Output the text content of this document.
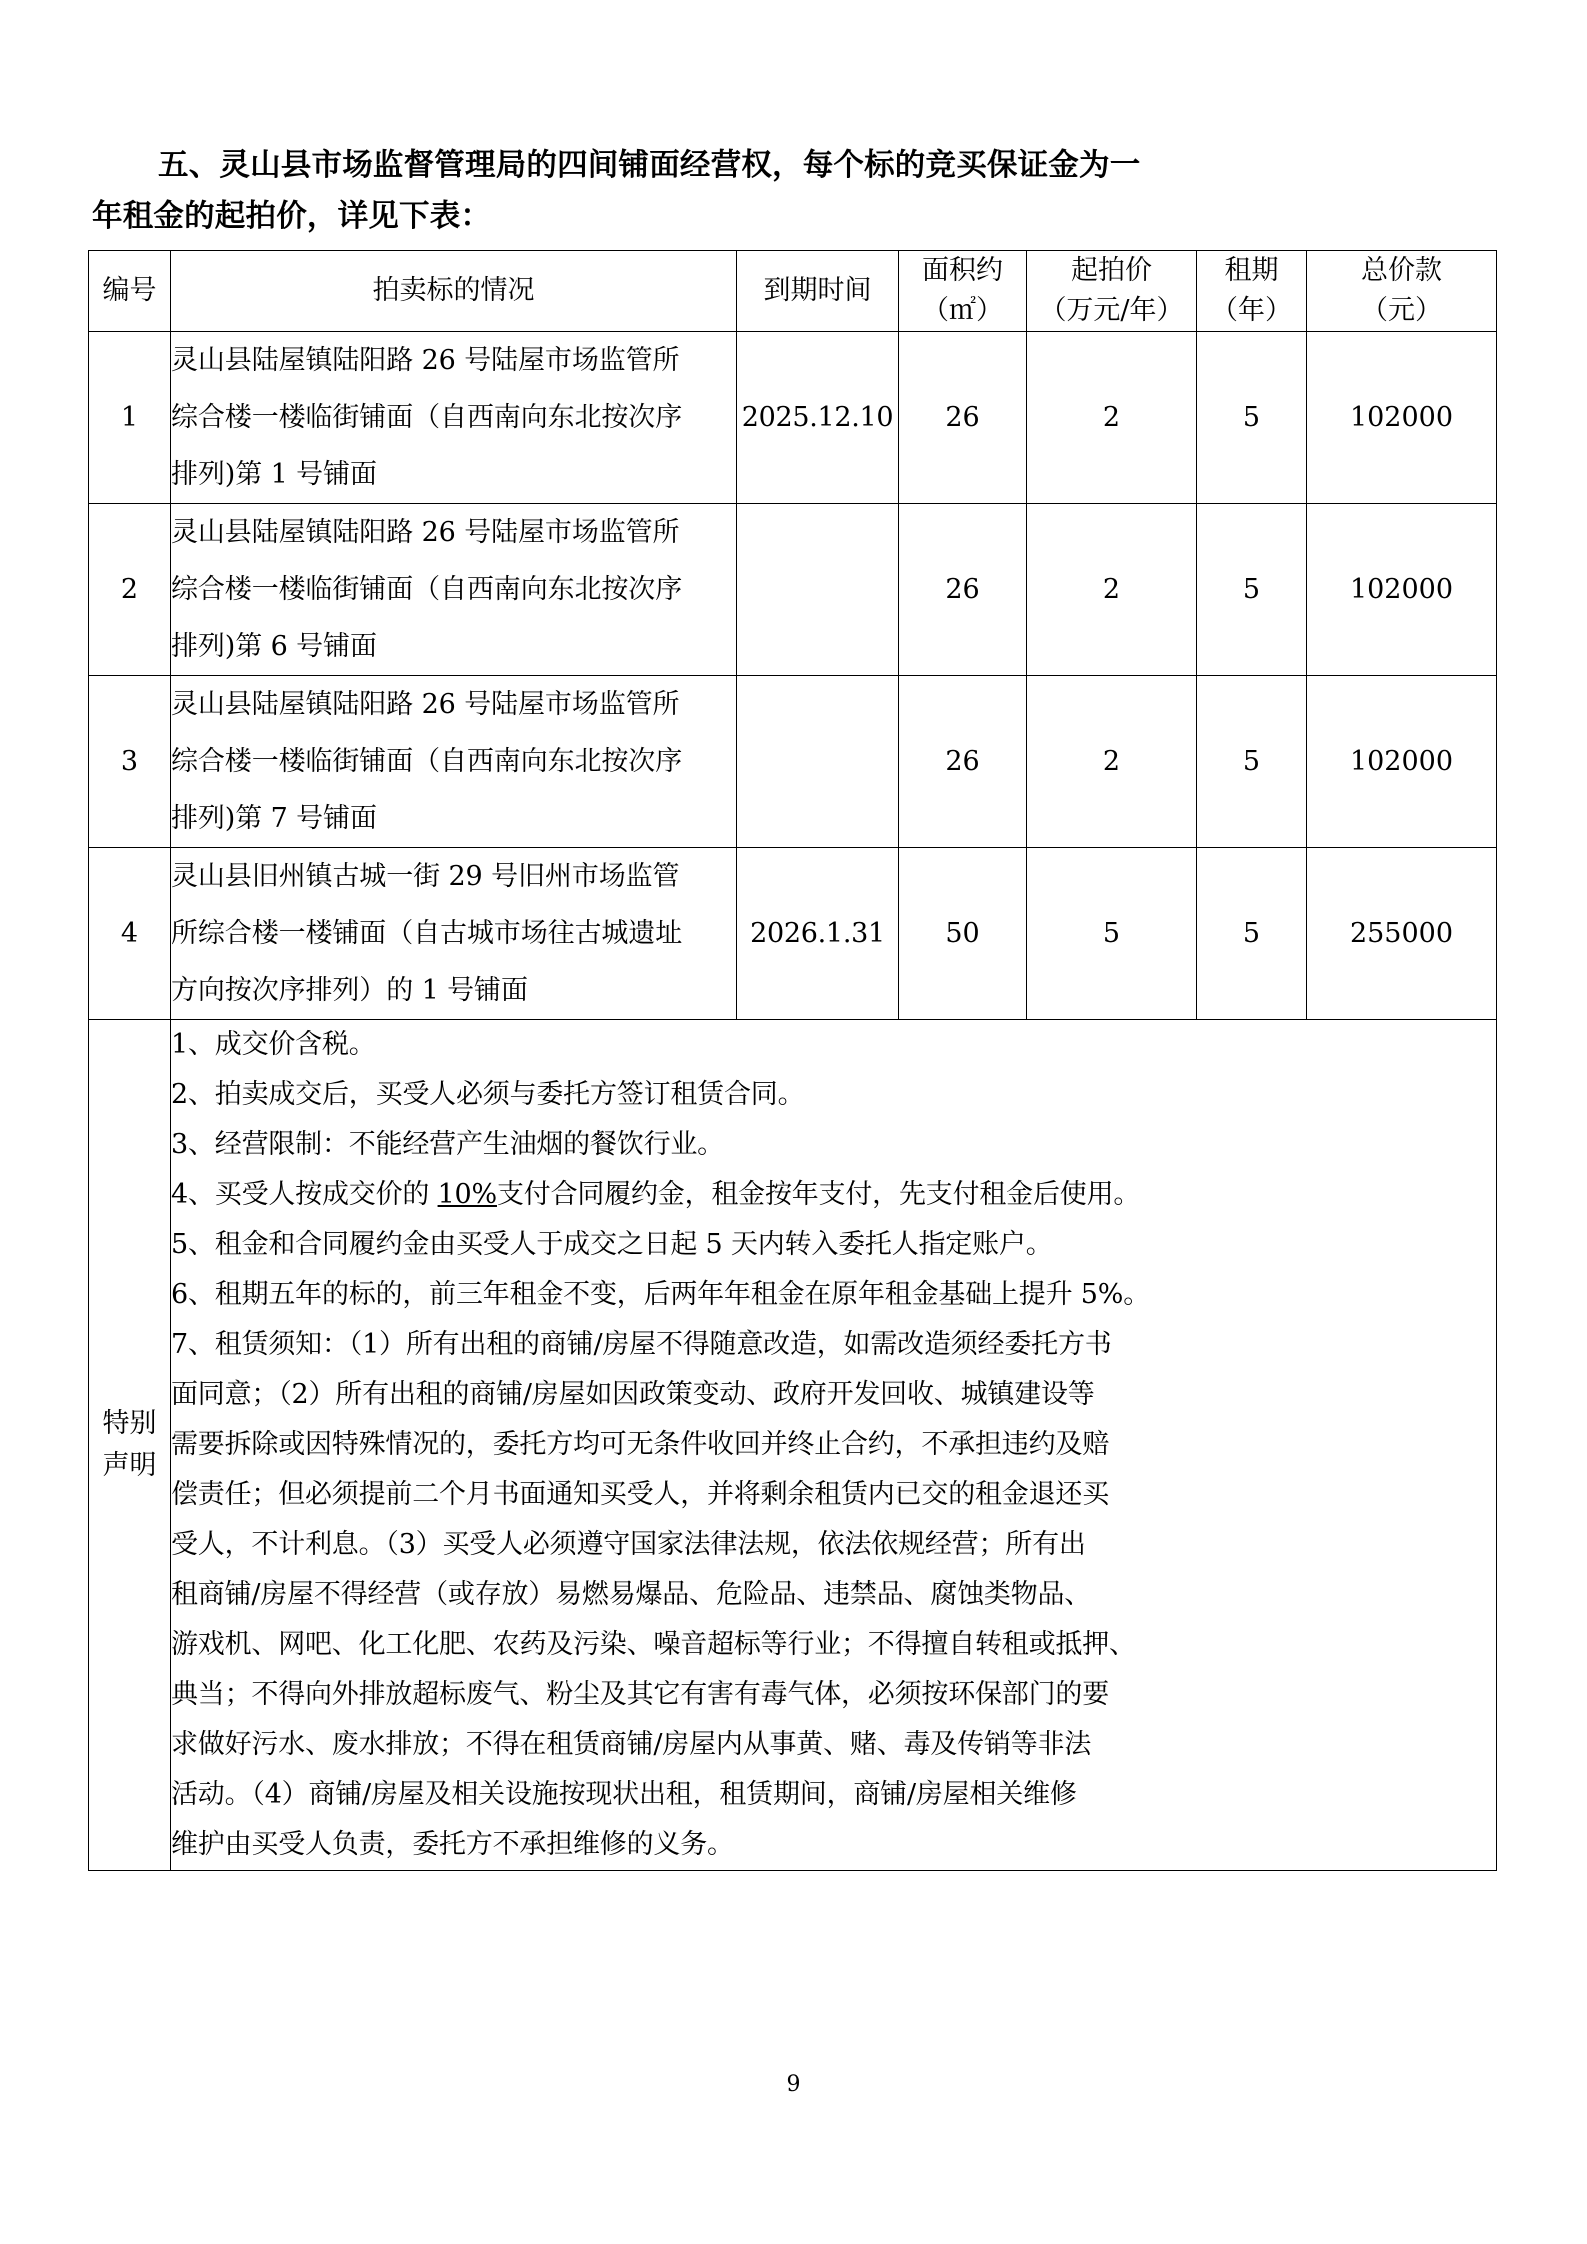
五、灵山县市场监督管理局的四间铺面经营权，每个标的竞买保证金为一
年租金的起拍价，详见下表：
编号	拍卖标的情况	到期时间	面积约
（㎡）	起拍价
（万元/年）	租期
（年）	总价款
（元）

1	灵山县陆屋镇陆阳路 26 号陆屋市场监管所
综合楼一楼临街铺面（自西南向东北按次序
排列)第 1 号铺面	2025.12.10	26	2	5	102000
2	灵山县陆屋镇陆阳路 26 号陆屋市场监管所
综合楼一楼临街铺面（自西南向东北按次序
排列)第 6 号铺面		26	2	5	102000
3	灵山县陆屋镇陆阳路 26 号陆屋市场监管所
综合楼一楼临街铺面（自西南向东北按次序
排列)第 7 号铺面		26	2	5	102000
4	灵山县旧州镇古城一街 29 号旧州市场监管
所综合楼一楼铺面（自古城市场往古城遗址
方向按次序排列）的 1 号铺面	2026.1.31	50	5	5	255000

特别
声明

1、成交价含税。

2、拍卖成交后，买受人必须与委托方签订租赁合同。

3、经营限制：不能经营产生油烟的餐饮行业。

4、买受人按成交价的 10%支付合同履约金，租金按年支付，先支付租金后使用。

5、租金和合同履约金由买受人于成交之日起 5 天内转入委托人指定账户。

6、租期五年的标的，前三年租金不变，后两年年租金在原年租金基础上提升 5%。

7、租赁须知：（1）所有出租的商铺/房屋不得随意改造，如需改造须经委托方书

面同意；（2）所有出租的商铺/房屋如因政策变动、政府开发回收、城镇建设等

需要拆除或因特殊情况的，委托方均可无条件收回并终止合约，不承担违约及赔

偿责任；但必须提前二个月书面通知买受人，并将剩余租赁内已交的租金退还买

受人，不计利息。（3）买受人必须遵守国家法律法规，依法依规经营；所有出

租商铺/房屋不得经营（或存放）易燃易爆品、危险品、违禁品、腐蚀类物品、

游戏机、网吧、化工化肥、农药及污染、噪音超标等行业；不得擅自转租或抵押、

典当；不得向外排放超标废气、粉尘及其它有害有毒气体，必须按环保部门的要

求做好污水、废水排放；不得在租赁商铺/房屋内从事黄、赌、毒及传销等非法

活动。（4）商铺/房屋及相关设施按现状出租，租赁期间，商铺/房屋相关维修

维护由买受人负责，委托方不承担维修的义务。

9
